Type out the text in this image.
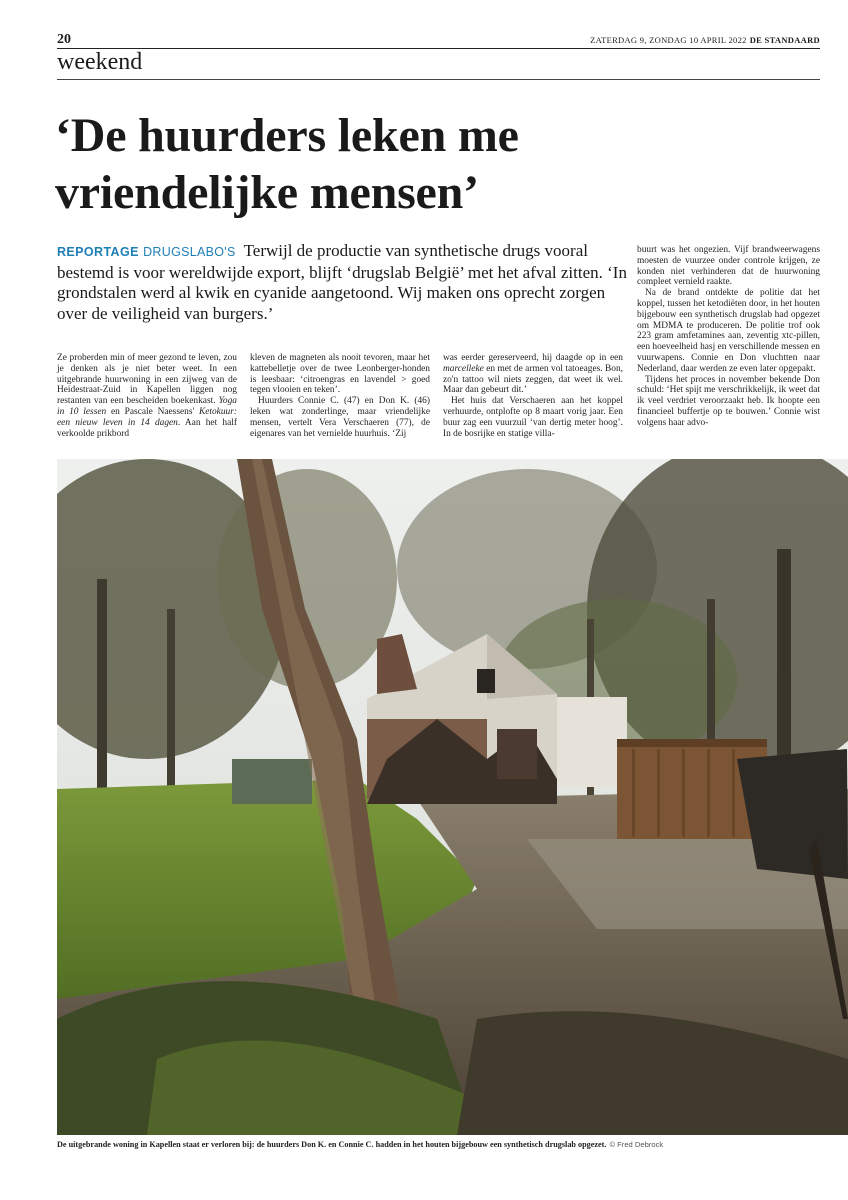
20	ZATERDAG 9, ZONDAG 10 APRIL 2022 DE STANDAARD
weekend
‘De huurders leken me
vriendelijke mensen’
REPORTAGE DRUGSLABO'S Terwijl de productie van synthetische drugs vooral bestemd is voor wereldwijde export, blijft ‘drugslab België’ met het afval zitten. ‘In grondstalen werd al kwik en cyanide aangetoond. Wij maken ons oprecht zorgen over de veiligheid van burgers.’

Ze proberden min of meer gezond te leven, zou je denken als je niet beter weet. In een uitgebrande huurwoning in een zijweg van de Heidestraat-Zuid in Kapellen liggen nog restanten van een bescheiden boekenkast. Yoga in 10 lessen en Pascale Naessens' Ketokuur: een nieuw leven in 14 dagen. Aan het half verkoolde prikbord

kleven de magneten als nooit tevoren, maar het kattebelletje over de twee Leonberger-honden is leesbaar: ‘citroengras en lavendel > goed tegen vlooien en teken’.

Huurders Connie C. (47) en Don K. (46) leken wat zonderlinge, maar vriendelijke mensen, vertelt Vera Verschaeren (77), de eigenares van het vernielde huurhuis. ‘Zij

was eerder gereserveerd, hij daagde op in een marcelleke en met de armen vol tatoeages. Bon, zo'n tattoo wil niets zeggen, dat weet ik wel. Maar dan gebeurt dit.’

Het huis dat Verschaeren aan het koppel verhuurde, ontplofte op 8 maart vorig jaar. Een buur zag een vuurzuil ‘van dertig meter hoog’. In de bosrijke en statige villa-

buurt was het ongezien. Vijf brandweerwagens moesten de vuurzee onder controle krijgen, ze konden niet verhinderen dat de huurwoning compleet vernield raakte.

Na de brand ontdekte de politie dat het koppel, tussen het ketodiëten door, in het houten bijgebouw een synthetisch drugslab had opgezet om MDMA te produceren. De politie trof ook 223 gram amfetamines aan, zeventig xtc-pillen, een hoeveelheid hasj en verschillende messen en vuurwapens. Connie en Don vluchtten naar Nederland, daar werden ze even later opgepakt.

Tijdens het proces in november bekende Don schuld: ‘Het spijt me verschrikkelijk, ik weet dat ik veel verdriet veroorzaakt heb. Ik hoopte een financieel buffertje op te bouwen.’ Connie wist volgens haar advo-

De uitgebrande woning in Kapellen staat er verloren bij: de huurders Don K. en Connie C. hadden in het houten bijgebouw een synthetisch drugslab opgezet. © Fred Debrock
